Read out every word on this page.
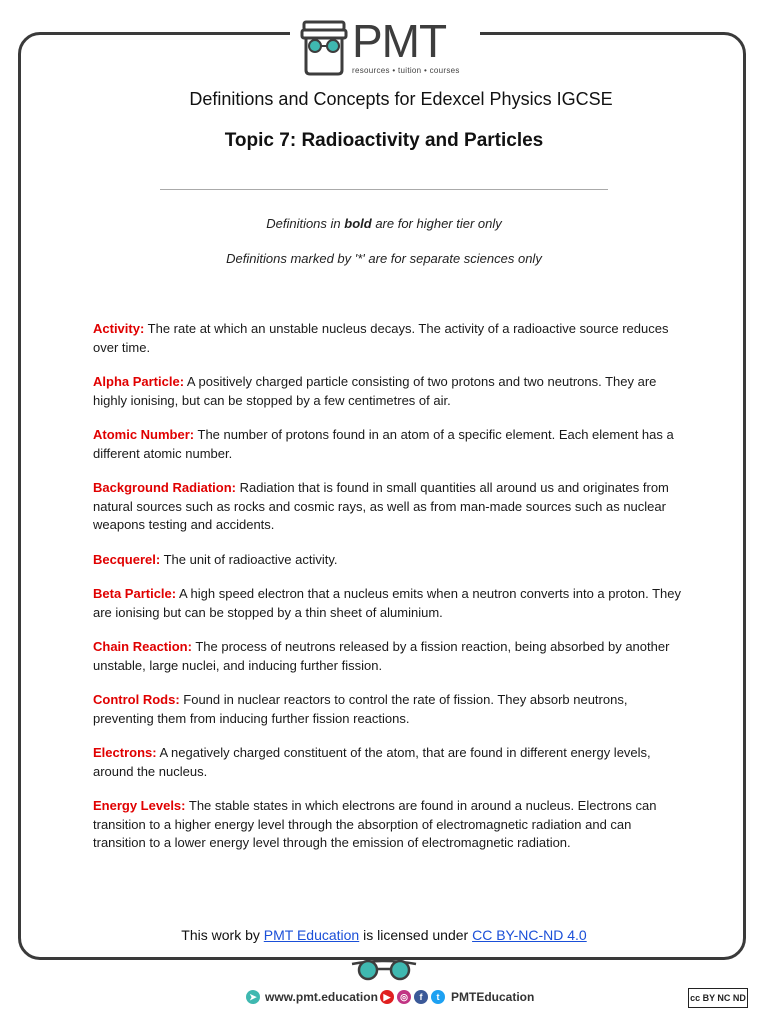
PMT
resources • tuition • courses
Definitions and Concepts for Edexcel Physics IGCSE
Topic 7: Radioactivity and Particles
Definitions in bold are for higher tier only
Definitions marked by '*' are for separate sciences only

Activity: The rate at which an unstable nucleus decays. The activity of a radioactive source reduces over time.

Alpha Particle: A positively charged particle consisting of two protons and two neutrons. They are highly ionising, but can be stopped by a few centimetres of air.

Atomic Number: The number of protons found in an atom of a specific element. Each element has a different atomic number.

Background Radiation: Radiation that is found in small quantities all around us and originates from natural sources such as rocks and cosmic rays, as well as from man-made sources such as nuclear weapons testing and accidents.

Becquerel: The unit of radioactive activity.

Beta Particle: A high speed electron that a nucleus emits when a neutron converts into a proton. They are ionising but can be stopped by a thin sheet of aluminium.

Chain Reaction: The process of neutrons released by a fission reaction, being absorbed by another unstable, large nuclei, and inducing further fission.

Control Rods: Found in nuclear reactors to control the rate of fission. They absorb neutrons, preventing them from inducing further fission reactions.

Electrons: A negatively charged constituent of the atom, that are found in different energy levels, around the nucleus.

Energy Levels: The stable states in which electrons are found in around a nucleus. Electrons can transition to a higher energy level through the absorption of electromagnetic radiation and can transition to a lower energy level through the emission of electromagnetic radiation.

This work by PMT Education is licensed under CC BY-NC-ND 4.0
➤ www.pmt.education ▶	◎	f	t PMTEducation	cc BY NC ND
